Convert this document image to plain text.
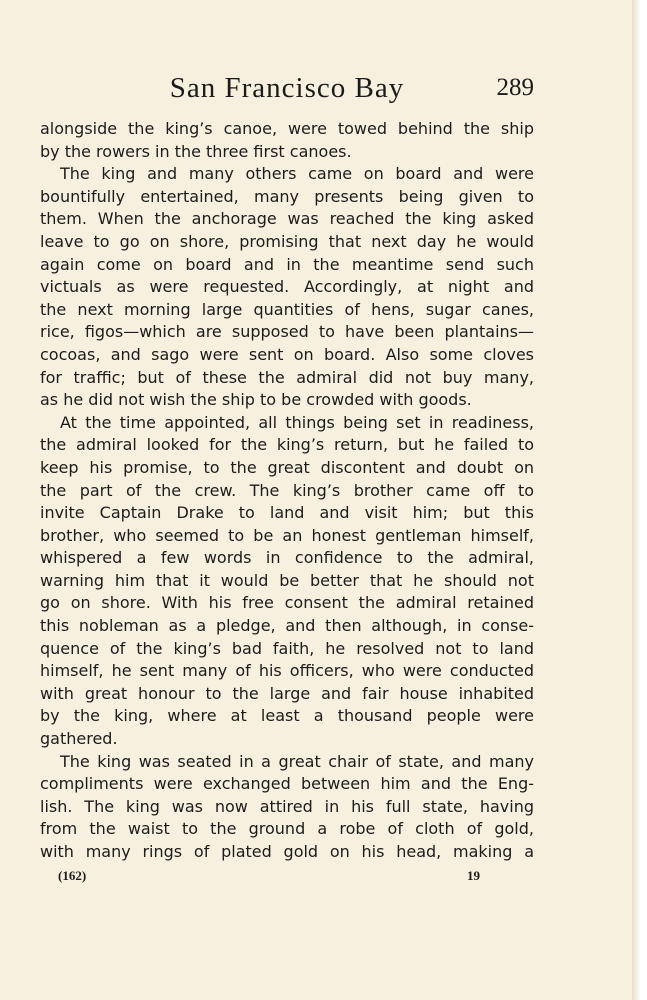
San Francisco Bay	289
alongside the king’s canoe, were towed behind the ship
by the rowers in the three first canoes.
The king and many others came on board and were
bountifully entertained, many presents being given to
them. When the anchorage was reached the king asked
leave to go on shore, promising that next day he would
again come on board and in the meantime send such
victuals as were requested. Accordingly, at night and
the next morning large quantities of hens, sugar canes,
rice, figos—which are supposed to have been plantains—
cocoas, and sago were sent on board. Also some cloves
for traffic; but of these the admiral did not buy many,
as he did not wish the ship to be crowded with goods.
At the time appointed, all things being set in readiness,
the admiral looked for the king’s return, but he failed to
keep his promise, to the great discontent and doubt on
the part of the crew. The king’s brother came off to
invite Captain Drake to land and visit him; but this
brother, who seemed to be an honest gentleman himself,
whispered a few words in confidence to the admiral,
warning him that it would be better that he should not
go on shore. With his free consent the admiral retained
this nobleman as a pledge, and then although, in conse-
quence of the king’s bad faith, he resolved not to land
himself, he sent many of his officers, who were conducted
with great honour to the large and fair house inhabited
by the king, where at least a thousand people were
gathered.
The king was seated in a great chair of state, and many
compliments were exchanged between him and the Eng-
lish. The king was now attired in his full state, having
from the waist to the ground a robe of cloth of gold,
with many rings of plated gold on his head, making a
(162)	19
